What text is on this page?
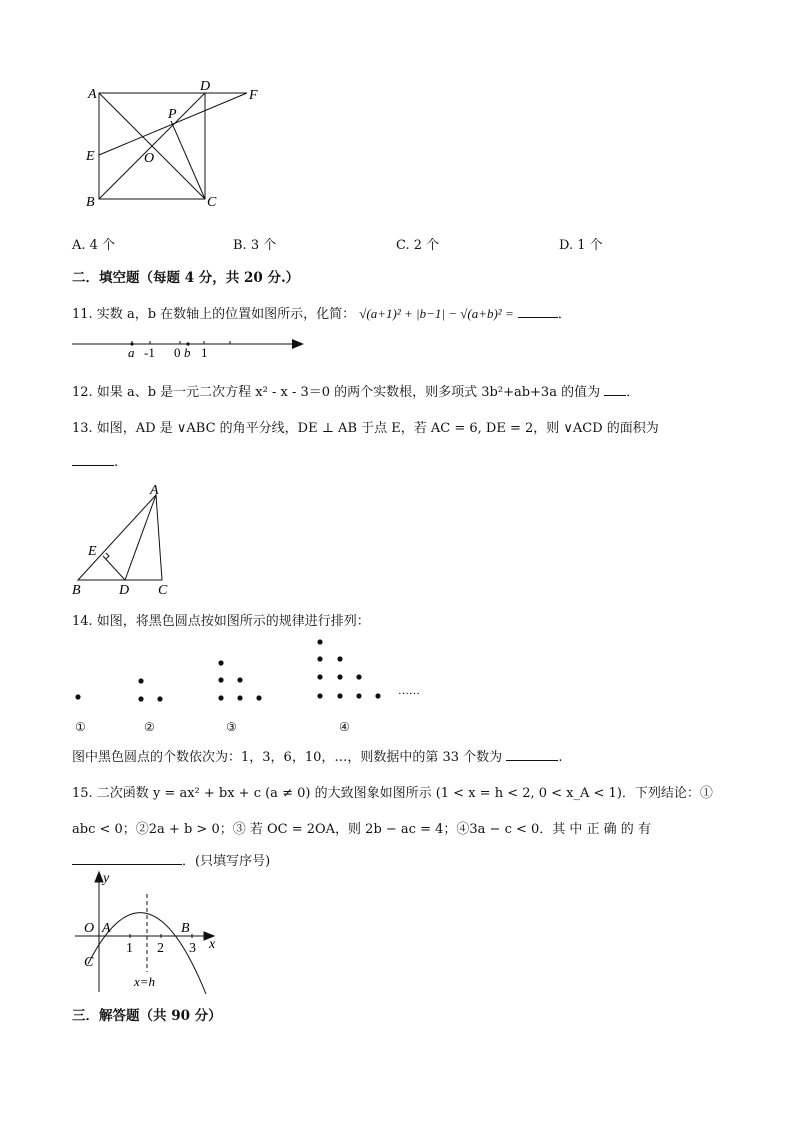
A
D
F
P
E	O
B	C
A. 4 个	B. 3 个	C. 2 个	D. 1 个
二．填空题（每题 4 分，共 20 分.）
11. 实数 a，b 在数轴上的位置如图所示，化简： √(a+1)² + |b−1| − √(a+b)² =	．
a -1 0 b 1
12. 如果 a、b 是一元二次方程 x² - x - 3＝0 的两个实数根，则多项式 3b²+ab+3a 的值为 ．
13. 如图，AD 是 ∨ABC 的角平分线，DE ⊥ AB 于点 E，若 AC = 6, DE = 2，则 ∨ACD 的面积为
.
A
E
B	D C
14. 如图，将黑色圆点按如图所示的规律进行排列：
……
①	②	③	④
图中黑色圆点的个数依次为：1，3，6，10，…，则数据中的第 33 个数为	.
15. 二次函数 y = ax² + bx + c (a ≠ 0) 的大致图象如图所示 (1 < x = h < 2, 0 < x_A < 1)．下列结论：①
abc < 0；②2a + b > 0；③ 若 OC = 2OA，则 2b − ac = 4；④3a − c < 0．其 中 正 确 的 有
．(只填写序号)
y
O A	B
C
x
1 2 3
x=h
三．解答题（共 90 分）
